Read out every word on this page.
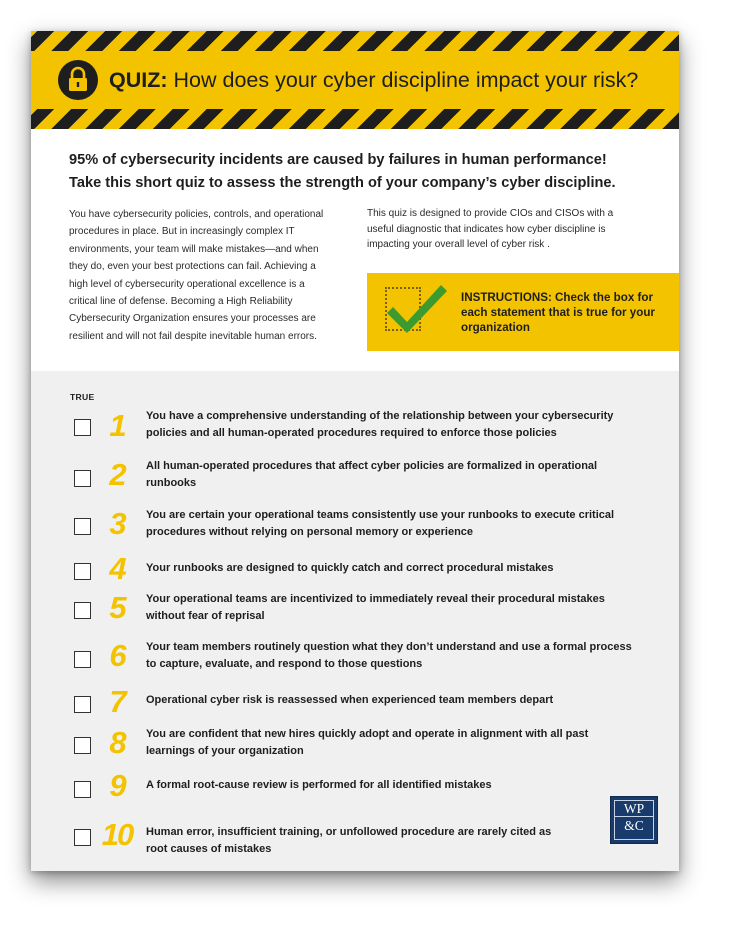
QUIZ: How does your cyber discipline impact your risk?
95% of cybersecurity incidents are caused by failures in human performance!
Take this short quiz to assess the strength of your company’s cyber discipline.
You have cybersecurity policies, controls, and operational procedures in place. But in increasingly complex IT environments, your team will make mistakes—and when they do, even your best protections can fail. Achieving a high level of cybersecurity operational excellence is a critical line of defense. Becoming a High Reliability Cybersecurity Organization ensures your processes are resilient and will not fail despite inevitable human errors.
This quiz is designed to provide CIOs and CISOs with a useful diagnostic that indicates how cyber discipline is impacting your overall level of cyber risk .
INSTRUCTIONS: Check the box for each statement that is true for your organization
TRUE
1	You have a comprehensive understanding of the relationship between your cybersecurity policies and all human-operated procedures required to enforce those policies
2	All human-operated procedures that affect cyber policies are formalized in operational runbooks
3	You are certain your operational teams consistently use your runbooks to execute critical procedures without relying on personal memory or experience
4	Your runbooks are designed to quickly catch and correct procedural mistakes
5	Your operational teams are incentivized to immediately reveal their procedural mistakes without fear of reprisal
6	Your team members routinely question what they don’t understand and use a formal process to capture, evaluate, and respond to those questions
7	Operational cyber risk is reassessed when experienced team members depart
8	You are confident that new hires quickly adopt and operate in alignment with all past learnings of your organization
9	A formal root-cause review is performed for all identified mistakes
10	Human error, insufficient training, or unfollowed procedure are rarely cited as root causes of mistakes
WP
&C
